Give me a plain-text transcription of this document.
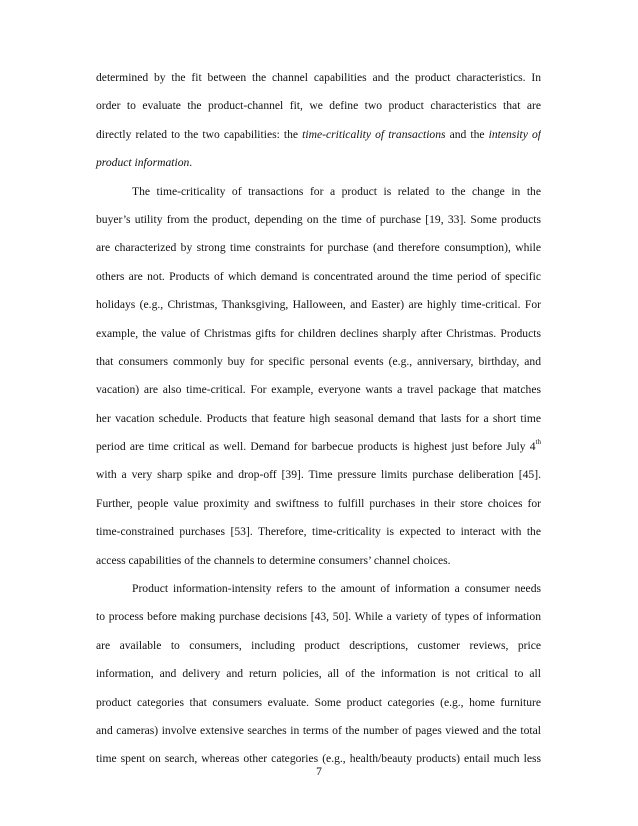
determined by the fit between the channel capabilities and the product characteristics. In
order to evaluate the product-channel fit, we define two product characteristics that are
directly related to the two capabilities: the time-criticality of transactions and the intensity of
product information.
The time-criticality of transactions for a product is related to the change in the
buyer’s utility from the product, depending on the time of purchase [19, 33]. Some products
are characterized by strong time constraints for purchase (and therefore consumption), while
others are not. Products of which demand is concentrated around the time period of specific
holidays (e.g., Christmas, Thanksgiving, Halloween, and Easter) are highly time-critical. For
example, the value of Christmas gifts for children declines sharply after Christmas. Products
that consumers commonly buy for specific personal events (e.g., anniversary, birthday, and
vacation) are also time-critical. For example, everyone wants a travel package that matches
her vacation schedule. Products that feature high seasonal demand that lasts for a short time
period are time critical as well. Demand for barbecue products is highest just before July 4th
with a very sharp spike and drop-off [39]. Time pressure limits purchase deliberation [45].
Further, people value proximity and swiftness to fulfill purchases in their store choices for
time-constrained purchases [53]. Therefore, time-criticality is expected to interact with the
access capabilities of the channels to determine consumers’ channel choices.
Product information-intensity refers to the amount of information a consumer needs
to process before making purchase decisions [43, 50]. While a variety of types of information
are available to consumers, including product descriptions, customer reviews, price
information, and delivery and return policies, all of the information is not critical to all
product categories that consumers evaluate. Some product categories (e.g., home furniture
and cameras) involve extensive searches in terms of the number of pages viewed and the total
time spent on search, whereas other categories (e.g., health/beauty products) entail much less
7
